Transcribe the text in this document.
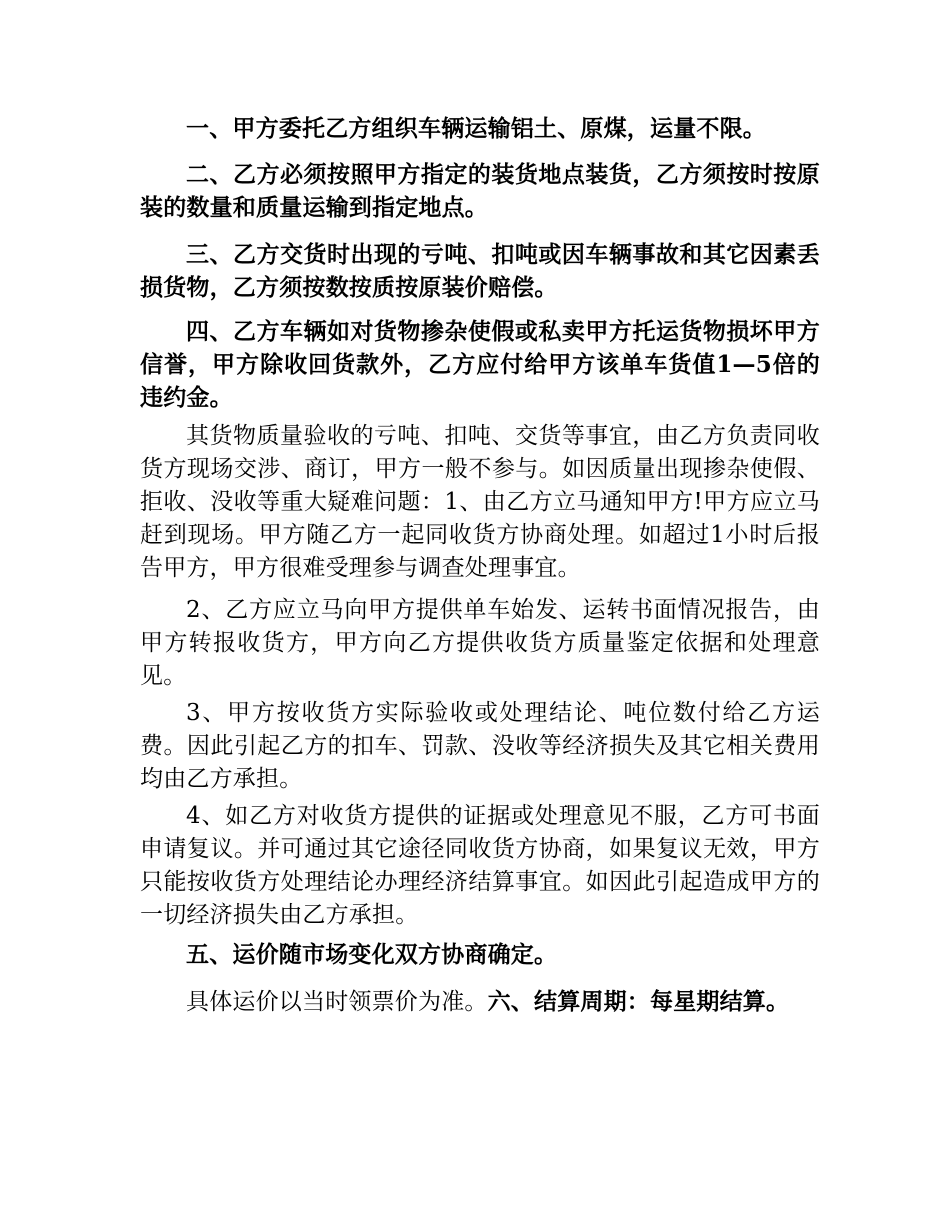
一、甲方委托乙方组织车辆运输铝土、原煤，运量不限。

二、乙方必须按照甲方指定的装货地点装货，乙方须按时按原装的数量和质量运输到指定地点。

三、乙方交货时出现的亏吨、扣吨或因车辆事故和其它因素丢损货物，乙方须按数按质按原装价赔偿。

四、乙方车辆如对货物掺杂使假或私卖甲方托运货物损坏甲方信誉，甲方除收回货款外，乙方应付给甲方该单车货值1—5倍的违约金。

其货物质量验收的亏吨、扣吨、交货等事宜，由乙方负责同收货方现场交涉、商订，甲方一般不参与。如因质量出现掺杂使假、拒收、没收等重大疑难问题：1、由乙方立马通知甲方!甲方应立马赶到现场。甲方随乙方一起同收货方协商处理。如超过1小时后报告甲方，甲方很难受理参与调查处理事宜。

2、乙方应立马向甲方提供单车始发、运转书面情况报告，由甲方转报收货方，甲方向乙方提供收货方质量鉴定依据和处理意见。

3、甲方按收货方实际验收或处理结论、吨位数付给乙方运费。因此引起乙方的扣车、罚款、没收等经济损失及其它相关费用均由乙方承担。

4、如乙方对收货方提供的证据或处理意见不服，乙方可书面申请复议。并可通过其它途径同收货方协商，如果复议无效，甲方只能按收货方处理结论办理经济结算事宜。如因此引起造成甲方的一切经济损失由乙方承担。

五、运价随市场变化双方协商确定。

具体运价以当时领票价为准。六、结算周期：每星期结算。
